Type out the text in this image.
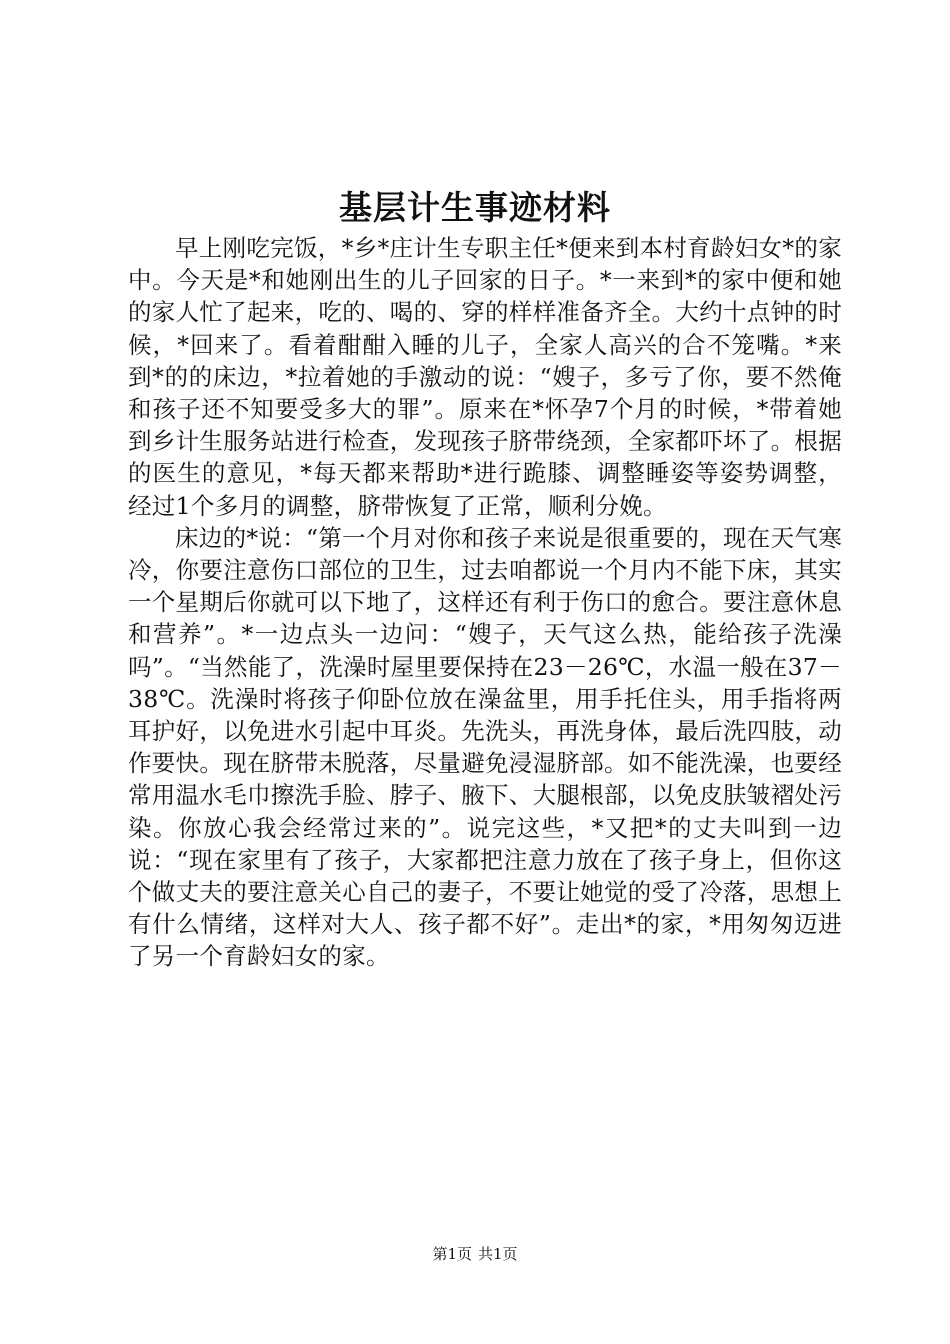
基层计生事迹材料

早上刚吃完饭，*乡*庄计生专职主任*便来到本村育龄妇女*的家中。今天是*和她刚出生的儿子回家的日子。*一来到*的家中便和她的家人忙了起来，吃的、喝的、穿的样样准备齐全。大约十点钟的时候，*回来了。看着酣酣入睡的儿子，全家人高兴的合不笼嘴。*来到*的的床边，*拉着她的手激动的说：“嫂子，多亏了你，要不然俺和孩子还不知要受多大的罪”。原来在*怀孕7个月的时候，*带着她到乡计生服务站进行检查，发现孩子脐带绕颈，全家都吓坏了。根据的医生的意见，*每天都来帮助*进行跪膝、调整睡姿等姿势调整，经过1个多月的调整，脐带恢复了正常，顺利分娩。

床边的*说：“第一个月对你和孩子来说是很重要的，现在天气寒冷，你要注意伤口部位的卫生，过去咱都说一个月内不能下床，其实一个星期后你就可以下地了，这样还有利于伤口的愈合。要注意休息和营养”。*一边点头一边问：“嫂子，天气这么热，能给孩子洗澡吗”。“当然能了，洗澡时屋里要保持在23－26℃，水温一般在37－38℃。洗澡时将孩子仰卧位放在澡盆里，用手托住头，用手指将两耳护好，以免进水引起中耳炎。先洗头，再洗身体，最后洗四肢，动作要快。现在脐带未脱落，尽量避免浸湿脐部。如不能洗澡，也要经常用温水毛巾擦洗手脸、脖子、腋下、大腿根部，以免皮肤皱褶处污染。你放心我会经常过来的”。说完这些，*又把*的丈夫叫到一边说：“现在家里有了孩子，大家都把注意力放在了孩子身上，但你这个做丈夫的要注意关心自己的妻子，不要让她觉的受了冷落，思想上有什么情绪，这样对大人、孩子都不好”。走出*的家，*用匆匆迈进了另一个育龄妇女的家。

第1页 共1页
